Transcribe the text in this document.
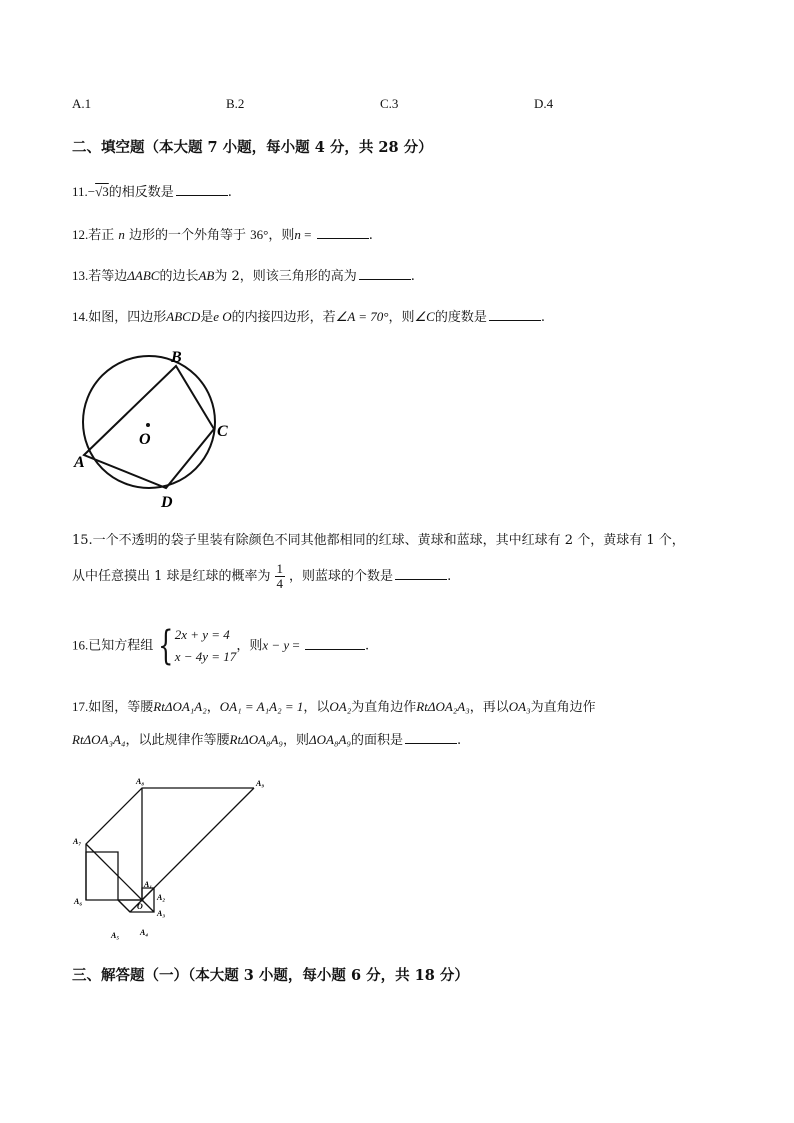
A.1	B.2	C.3	D.4
二、填空题（本大题 7 小题，每小题 4 分，共 28 分）
11.−√3的相反数是	.
12.若正 n 边形的一个外角等于 36°，则n =	.
13.若等边ΔABC的边长AB为 2，则该三角形的高为	.
14.如图，四边形ABCD是e O的内接四边形，若∠A = 70°，则∠C的度数是	.
B
C
A
D
O
15.一个不透明的袋子里装有除颜色不同其他都相同的红球、黄球和蓝球，其中红球有 2 个，黄球有 1 个，
从中任意摸出 1 球是红球的概率为 $\frac{1}{4}$ ，则蓝球的个数是	.
16.已知方程组 { 2x + y = 4
x − 4y = 17
，则x − y =	.
17.如图，等腰RtΔOA₁A₂，OA₁ = A₁A₂ = 1，以OA₂为直角边作RtΔOA₂A₃，再以OA₃为直角边作
RtΔOA₃A₄，以此规律作等腰RtΔOA₈A₉，则ΔOA₈A₉的面积是	.
A₈	A₉
A₇
A₆
A₁
A₂
A₃
A₄
A₅
O
三、解答题（一）（本大题 3 小题，每小题 6 分，共 18 分）
